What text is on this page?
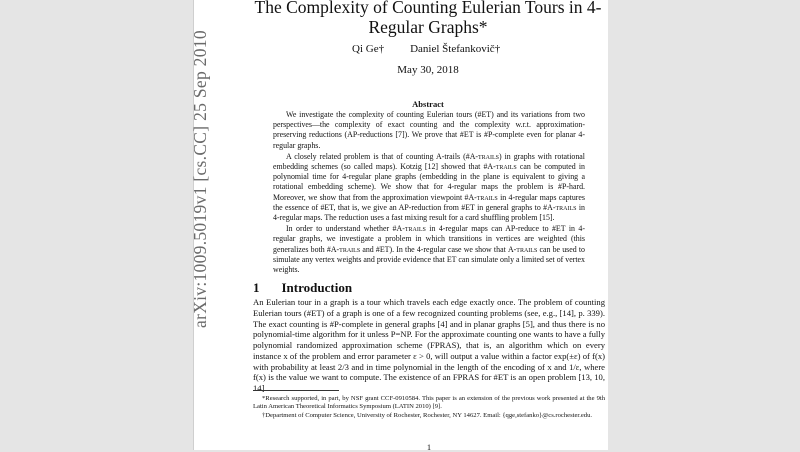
arXiv:1009.5019v1 [cs.CC] 25 Sep 2010
The Complexity of Counting Eulerian Tours in 4-Regular Graphs*
Qi Ge† Daniel Štefankovič†
May 30, 2018
Abstract

We investigate the complexity of counting Eulerian tours (#ET) and its variations from two perspectives—the complexity of exact counting and the complexity w.r.t. approximation-preserving reductions (AP-reductions [7]). We prove that #ET is #P-complete even for planar 4-regular graphs.

A closely related problem is that of counting A-trails (#A-trails) in graphs with rotational embedding schemes (so called maps). Kotzig [12] showed that #A-trails can be computed in polynomial time for 4-regular plane graphs (embedding in the plane is equivalent to giving a rotational embedding scheme). We show that for 4-regular maps the problem is #P-hard. Moreover, we show that from the approximation viewpoint #A-trails in 4-regular maps captures the essence of #ET, that is, we give an AP-reduction from #ET in general graphs to #A-trails in 4-regular maps. The reduction uses a fast mixing result for a card shuffling problem [15].

In order to understand whether #A-trails in 4-regular maps can AP-reduce to #ET in 4-regular graphs, we investigate a problem in which transitions in vertices are weighted (this generalizes both #A-trails and #ET). In the 4-regular case we show that A-trails can be used to simulate any vertex weights and provide evidence that ET can simulate only a limited set of vertex weights.

1 Introduction

An Eulerian tour in a graph is a tour which travels each edge exactly once. The problem of counting Eulerian tours (#ET) of a graph is one of a few recognized counting problems (see, e.g., [14], p. 339). The exact counting is #P-complete in general graphs [4] and in planar graphs [5], and thus there is no polynomial-time algorithm for it unless P=NP. For the approximate counting one wants to have a fully polynomial randomized approximation scheme (FPRAS), that is, an algorithm which on every instance x of the problem and error parameter ε > 0, will output a value within a factor exp(±ε) of f(x) with probability at least 2/3 and in time polynomial in the length of the encoding of x and 1/ε, where f(x) is the value we want to compute. The existence of an FPRAS for #ET is an open problem [13, 10, 14].

*Research supported, in part, by NSF grant CCF-0910584. This paper is an extension of the previous work presented at the 9th Latin American Theoretical Informatics Symposium (LATIN 2010) [9].

†Department of Computer Science, University of Rochester, Rochester, NY 14627. Email: {qge,stefanko}@cs.rochester.edu.

1
